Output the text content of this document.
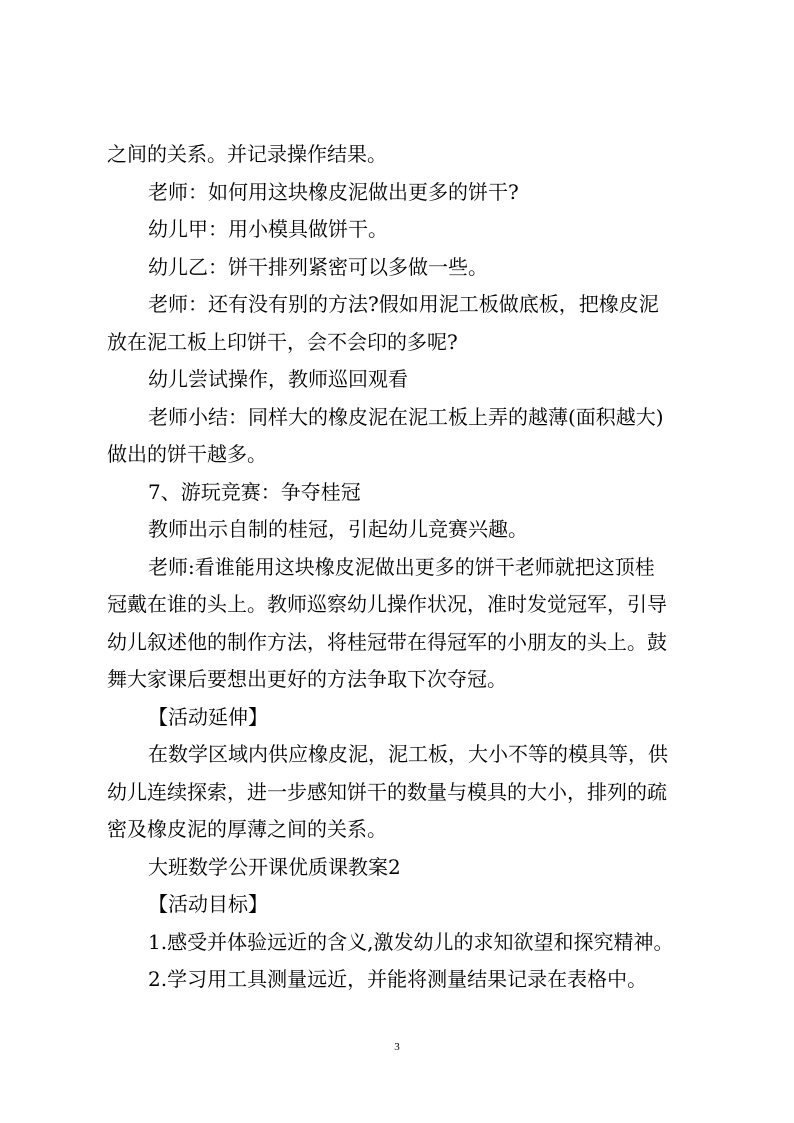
之间的关系。并记录操作结果。
老师：如何用这块橡皮泥做出更多的饼干?
幼儿甲：用小模具做饼干。
幼儿乙：饼干排列紧密可以多做一些。
老师：还有没有别的方法?假如用泥工板做底板，把橡皮泥
放在泥工板上印饼干，会不会印的多呢?
幼儿尝试操作，教师巡回观看
老师小结：同样大的橡皮泥在泥工板上弄的越薄(面积越大)
做出的饼干越多。
7、游玩竞赛：争夺桂冠
教师出示自制的桂冠，引起幼儿竞赛兴趣。
老师:看谁能用这块橡皮泥做出更多的饼干老师就把这顶桂
冠戴在谁的头上。教师巡察幼儿操作状况，准时发觉冠军，引导
幼儿叙述他的制作方法，将桂冠带在得冠军的小朋友的头上。鼓
舞大家课后要想出更好的方法争取下次夺冠。
【活动延伸】
在数学区域内供应橡皮泥，泥工板，大小不等的模具等，供
幼儿连续探索，进一步感知饼干的数量与模具的大小，排列的疏
密及橡皮泥的厚薄之间的关系。
大班数学公开课优质课教案2
【活动目标】
1.感受并体验远近的含义,激发幼儿的求知欲望和探究精神。
2.学习用工具测量远近，并能将测量结果记录在表格中。
3
